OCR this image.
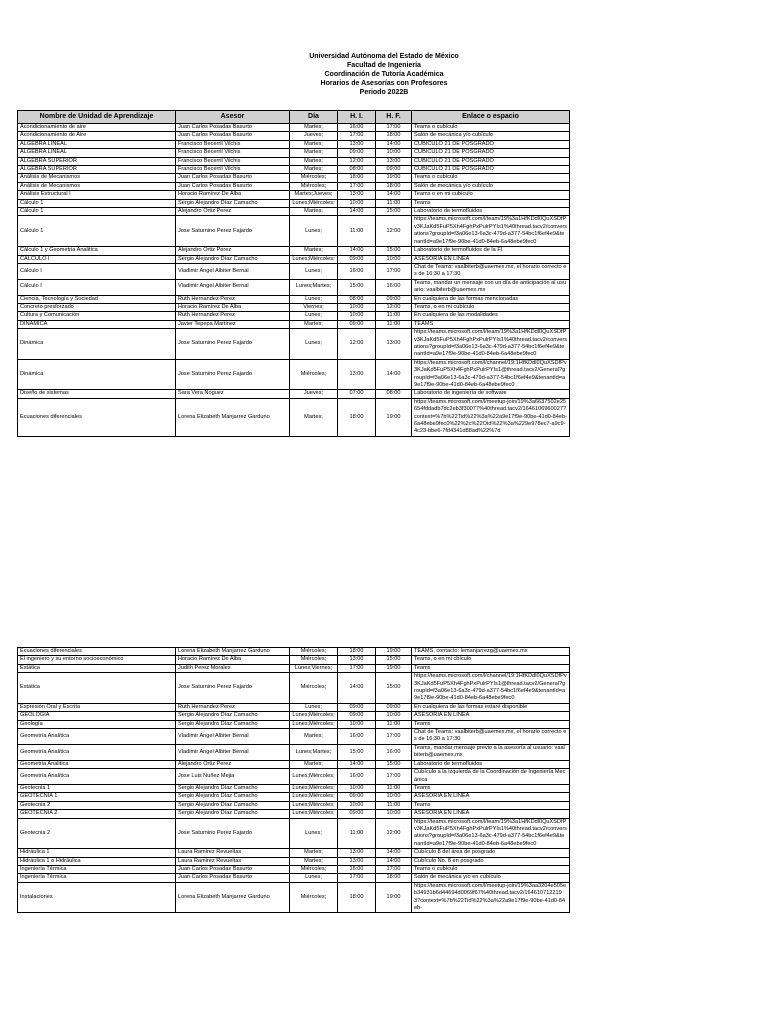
Universidad Autónoma del Estado de México
Facultad de Ingeniería
Coordinación de Tutoría Académica
Horarios de Asesorías con Profesores
Periodo 2022B
Nombre de Unidad de Aprendizaje	Asesor	Día	H. I.	H. F.	Enlace o espacio
Acondicionamiento de aire	Juan Carlos Posadas Basurto	Martes;	16:00	17:00	Teams o cubículo
Acondicionamiento de Aire	Juan Carlos Posadas Basurto	Jueves;	17:00	18:00	Salón de mecánica y/o cubículo
ALGEBRA LINEAL	Francisco Becerril Vilchis	Martes;	13:00	14:00	CUBICULO 21 DE POSGRADO
ALGEBRA LINEAL	Francisco Becerril Vilchis	Martes;	09:00	10:00	CUBICULO 21 DE POSGRADO
ALGEBRA SUPERIOR	Francisco Becerril Vilchis	Martes;	12:00	13:00	CUBICULO 21 DE POSGRADO
ALGEBRA SUPERIOR	Francisco Becerril Vilchis	Martes;	08:00	09:00	CUBICULO 21 DE POSGRADO
Análisis de Mecanismos	Juan Carlos Posadas Basurto	Miércoles;	18:00	19:00	Teams o cubículo
Análisis de Mecanismos	Juan Carlos Posadas Basurto	Miércoles;	17:00	18:00	Salón de mecánica y/o cubículo
Análisis Estructural I	Horacio Ramírez De Alba	Martes;Jueves;	13:00	14:00	Teams o en mi cubículo
Cálculo 1	Sergio Alejandro Díaz Camacho	Lunes;Miércoles;	10:00	11:00	Teams
Cálculo 1	Alejandro Ortiz Perez	Martes;	14:00	15:00	Laboratorio de termofluidos
Cálculo 1	Jose Saturnino Perez Fajardo	Lunes;	11:00	12:00	https://teams.microsoft.com/l/team/19%3a1HfKDdl0QuXSDfPv3KJaKd5FuP5Xh4FghPxPulrPYIs1%40thread.tacv2/conversations?groupId=f3a06e13-6a3c-479d-a377-54bc1f6ef4e9&tenantId=a9e17f9e-90be-41d0-84eb-6a48ebe9fec0
Cálculo 1 y Geometria Analitica	Alejandro Ortiz Perez	Martes;	14:00	15:00	Laboratorio de termofluidos de la FI
CALCULO I	Sergio Alejandro Díaz Camacho	Lunes;Miércoles;	09:00	10:00	ASESORIA EN LINEA
Cálculo I	Vladimir Angel Albiter Bernal	Lunes;	16:00	17:00	Chat de Teams: vaalbiterb@uaemex.mx, el horario correcto es de 16:30 a 17:30
Cálculo I	Vladimir Angel Albiter Bernal	Lunes;Martes;	15:00	16:00	Teams, mandar un mensaje con un día de anticipación al usuario: vaalbiterb@uaemex.mx
Ciencia, Tecnología y Sociedad	Ruth Hernandez Perez	Lunes;	08:00	09:00	En cualquiera de las formas mencionadas
Concreto presforzado	Horacio Ramírez De Alba	Viernes;	10:00	12:00	Teams, o en mi cubículo
Cultura y Comunicación	Ruth Hernandez Perez	Lunes;	10:00	11:00	En cualquiera de las modalidades
DINAMICA	Javier Tepepa Martinez	Martes;	09:00	11:00	TEAMS
Dinámica	Jose Saturnino Perez Fajardo	Lunes;	12:00	13:00	https://teams.microsoft.com/l/team/19%3a1HfKDdl0QuXSDfPv3KJaKd5FuP5Xh4FghPxPulrPYIs1%40thread.tacv2/conversations?groupId=f3a06e13-6a3c-479d-a377-54bc1f6ef4e9&tenantId=a9e17f9e-90be-41d0-84eb-6a48ebe9fec0
Dinámica	Jose Saturnino Perez Fajardo	Miércoles;	13:00	14:00	https://teams.microsoft.com/l/channel/19:1HfKDdl0QuXSDfPv3KJaKd5FuP5Xh4FghPxPulrPYIs1@thread.tacv2/General?groupId=f3a06e13-6a3c-479d-a377-54bc1f6ef4e9&tenantId=a9e17f9e-90be-41d0-84eb-6a48ebe9fec0
Diseño de sistemas	Sara Vera Noguez	Jueves;	07:00	08:00	Laboratorio de ingeniería de software
Ecuaciones diferenciales	Lorena Elizabeth Manjarrez Garduno	Martes;	18:00	19:00	https://teams.microsoft.com/l/meetup-join/19%3a6637502e25654fddadb7dc2eb3f30077%40thread.tacv2/1646106960027?context=%7b%22Tid%22%3a%22a9e17f9e-90be-41d0-84eb-6a48ebe9fec0%22%2c%22Oid%22%3a%229e978ec7-a9c9-4c23-bbe6-7fd4341d88ad%22%7d
Ecuaciones diferenciales	Lorena Elizabeth Manjarrez Garduno	Miércoles;	18:00	19:00	TEAMS, contacto: lemanjarrezg@uaemex.mx
El ingeniero y su entorno socioeconómico	Horacio Ramírez De Alba	Miércoles;	13:00	15:00	Teams, o en mi cbículo
Estática	Judith Perez Morales	Lunes;Viernes;	17:00	19:00	Teams
Estática	Jose Saturnino Perez Fajardo	Miércoles;	14:00	15:00	https://teams.microsoft.com/l/channel/19:1HfKDdl0QuXSDfPv3KJaKd5FuP5Xh4FghPxPulrPYIs1@thread.tacv2/General?groupId=f3a06e13-6a3c-479d-a377-54bc1f6ef4e9&tenantId=a9e17f9e-90be-41d0-84eb-6a48ebe9fec0
Expresión Oral y Escrita	Ruth Hernandez Perez	Lunes;	09:00	09:00	En cualquiera de las formas estaré disponible
GEOLOGIA	Sergio Alejandro Díaz Camacho	Lunes;Miércoles;	09:00	10:00	ASESORIA EN LINEA
Geología	Sergio Alejandro Díaz Camacho	Lunes;Miércoles;	10:00	11:00	Teams
Geometría Analítica	Vladimir Angel Albiter Bernal	Martes;	16:00	17:00	Chat de Teams: vaalbiterb@uaemex.mx, el horario correcto es de 16:30 a 17:30
Geometría Analítica	Vladimir Angel Albiter Bernal	Lunes;Martes;	15:00	16:00	Teams, mandar mensaje previo a la asesoría al usuario: vaalbiterb@uaemex.mx
Geometria Analitica	Alejandro Ortiz Perez	Martes;	14:00	15:00	Laboratorio de termofluidos
Geometría Analítica	Jose Luis Nuñez Mejia	Lunes;Miércoles;	16:00	17:00	Cubículo a la izquierda de la Coordinación de Ingeniería Mecánica
Geotecnia 1	Sergio Alejandro Díaz Camacho	Lunes;Miércoles;	10:00	11:00	Teams
GEOTECNIA 1	Sergio Alejandro Díaz Camacho	Lunes;Miércoles;	09:00	10:00	ASESORIA EN LINEA
Geotecnia 2	Sergio Alejandro Díaz Camacho	Lunes;Miércoles;	10:00	11:00	Teams
GEOTECNIA 2	Sergio Alejandro Díaz Camacho	Lunes;Miércoles;	09:00	10:00	ASESORIA EN LINEA
Geotecnia 2	Jose Saturnino Perez Fajardo	Lunes;	11:00	12:00	https://teams.microsoft.com/l/team/19%3a1HfKDdl0QuXSDfPv3KJaKd5FuP5Xh4FghPxPulrPYIs1%40thread.tacv2/conversations?groupId=f3a06e13-6a3c-479d-a377-54bc1f6ef4e9&tenantId=a9e17f9e-90be-41d0-84eb-6a48ebe9fec0
Hidráulica 1	Laura Ramirez Revueltas	Martes;	13:00	14:00	Cubículo 8 del área de posgrado
Hidráulica 1 o Hidráulica	Laura Ramirez Revueltas	Martes;	13:00	14:00	Cubículo No. 8 en posgrado
Ingeniería Térmica	Juan Carlos Posadas Basurto	Miércoles;	16:00	17:00	Teams o cubículo
Ingeniería Térmica	Juan Carlos Posadas Basurto	Lunes;	17:00	18:00	Salón de mecánica y/o en cubículo
Instalaciones	Lorena Elizabeth Manjarrez Garduno	Miércoles;	18:00	19:00	https://teams.microsoft.com/l/meetup-join/19%3aa3204e505eb34931b6d44694d0069f67%40thread.tacv2/1646107122193?context=%7b%22Tid%22%3a%22a9e17f9e-90be-41d0-84eb-
